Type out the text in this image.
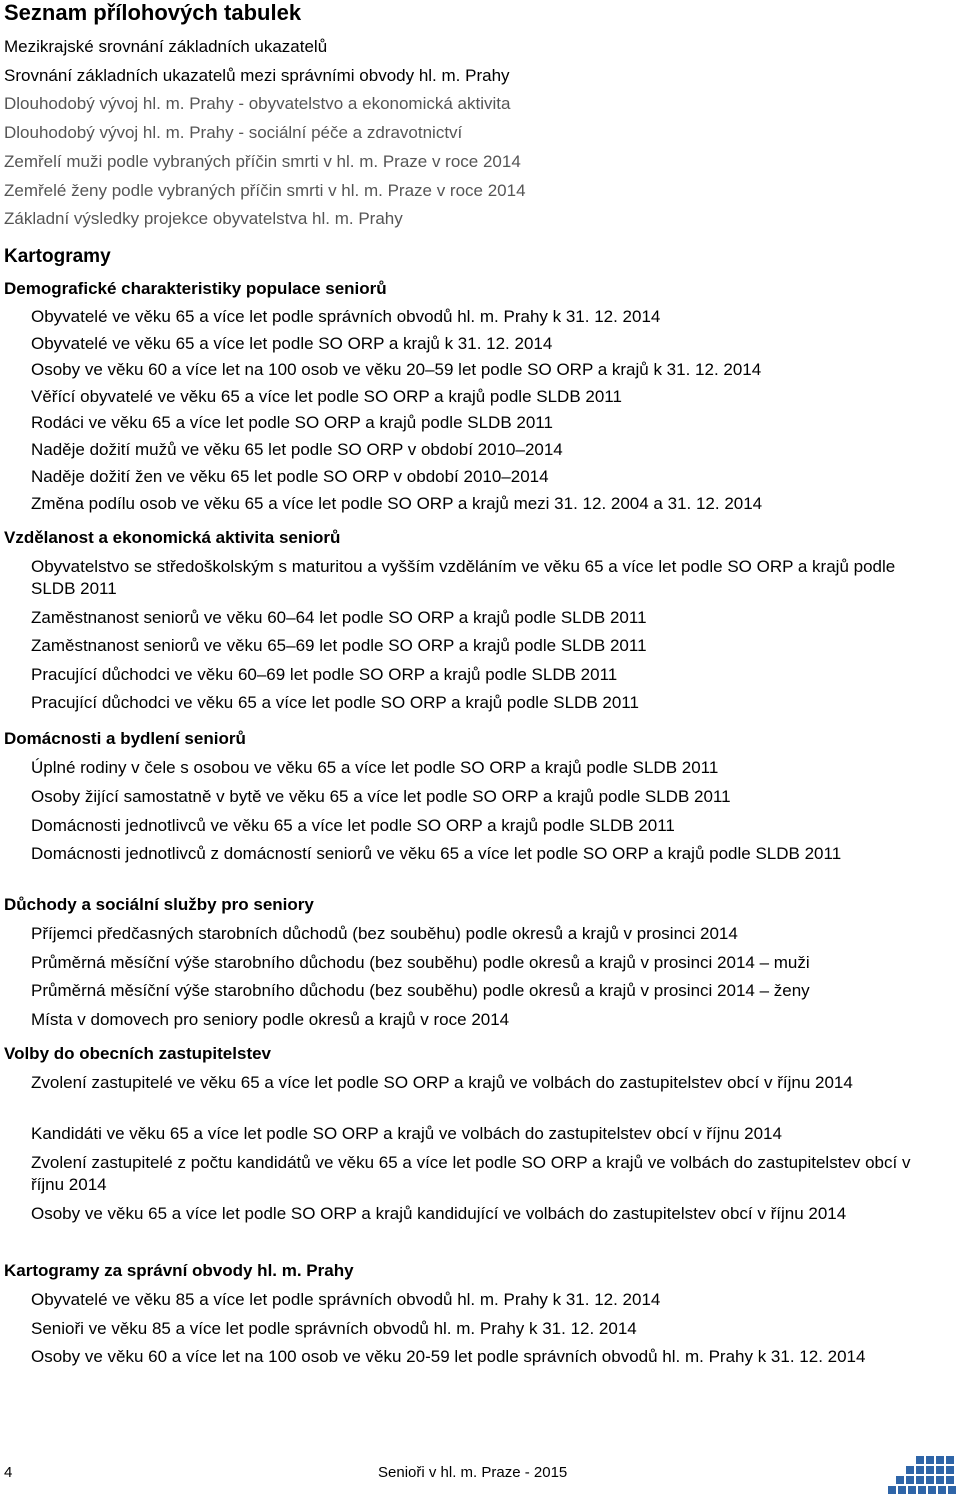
Seznam přílohových tabulek
Mezikrajské srovnání základních ukazatelů
Srovnání základních ukazatelů mezi správními obvody hl. m. Prahy
Dlouhodobý vývoj hl. m. Prahy - obyvatelstvo a ekonomická aktivita
Dlouhodobý vývoj hl. m. Prahy - sociální péče a zdravotnictví
Zemřelí muži podle vybraných příčin smrti v hl. m. Praze v roce 2014
Zemřelé ženy podle vybraných příčin smrti v hl. m. Praze v roce 2014
Základní výsledky projekce obyvatelstva hl. m. Prahy
Kartogramy
Demografické charakteristiky populace seniorů
Obyvatelé ve věku 65 a více let podle správních obvodů hl. m. Prahy k 31. 12. 2014
Obyvatelé ve věku 65 a více let podle SO ORP a krajů k 31. 12. 2014
Osoby ve věku 60 a více let na 100 osob ve věku 20–59 let podle SO ORP a krajů k 31. 12. 2014
Věřící obyvatelé ve věku 65 a více let podle SO ORP a krajů podle SLDB 2011
Rodáci ve věku 65 a více let podle SO ORP a krajů podle SLDB 2011
Naděje dožití mužů ve věku 65 let podle SO ORP v období 2010–2014
Naděje dožití žen ve věku 65 let podle SO ORP v období 2010–2014
Změna podílu osob ve věku 65 a více let podle SO ORP a krajů mezi 31. 12. 2004 a 31. 12. 2014
Vzdělanost a ekonomická aktivita seniorů
Obyvatelstvo se středoškolským s maturitou a vyšším vzděláním ve věku 65 a více let podle SO ORP a krajů podle SLDB 2011
Zaměstnanost seniorů ve věku 60–64 let podle SO ORP a krajů podle SLDB 2011
Zaměstnanost seniorů ve věku 65–69 let podle SO ORP a krajů podle SLDB 2011
Pracující důchodci ve věku 60–69 let podle SO ORP a krajů podle SLDB 2011
Pracující důchodci ve věku 65 a více let podle SO ORP a krajů podle SLDB 2011
Domácnosti a bydlení seniorů
Úplné rodiny v čele s osobou ve věku 65 a více let podle SO ORP a krajů podle SLDB 2011
Osoby žijící samostatně v bytě ve věku 65 a více let podle SO ORP a krajů podle SLDB 2011
Domácnosti jednotlivců ve věku 65 a více let podle SO ORP a krajů podle SLDB 2011
Domácnosti jednotlivců z domácností seniorů ve věku 65 a více let podle SO ORP a krajů podle SLDB 2011
Důchody a sociální služby pro seniory
Příjemci předčasných starobních důchodů (bez souběhu) podle okresů a krajů v prosinci 2014
Průměrná měsíční výše starobního důchodu (bez souběhu) podle okresů a krajů v prosinci 2014 – muži
Průměrná měsíční výše starobního důchodu (bez souběhu) podle okresů a krajů v prosinci 2014 – ženy
Místa v domovech pro seniory podle okresů a krajů v roce 2014
Volby do obecních zastupitelstev
Zvolení zastupitelé ve věku 65 a více let podle SO ORP a krajů ve volbách do zastupitelstev obcí v říjnu 2014
Kandidáti ve věku 65 a více let podle SO ORP a krajů ve volbách do zastupitelstev obcí v říjnu 2014
Zvolení zastupitelé z počtu kandidátů ve věku 65 a více let podle SO ORP a krajů ve volbách do zastupitelstev obcí v říjnu 2014
Osoby ve věku 65 a více let podle SO ORP a krajů kandidující ve volbách do zastupitelstev obcí v říjnu 2014
Kartogramy za správní obvody hl. m. Prahy
Obyvatelé ve věku 85 a více let podle správních obvodů hl. m. Prahy k 31. 12. 2014
Senioři ve věku 85 a více let podle správních obvodů hl. m. Prahy k 31. 12. 2014
Osoby ve věku 60 a více let na 100 osob ve věku 20-59 let podle správních obvodů hl. m. Prahy k 31. 12. 2014
4	Senioři v hl. m. Praze - 2015
